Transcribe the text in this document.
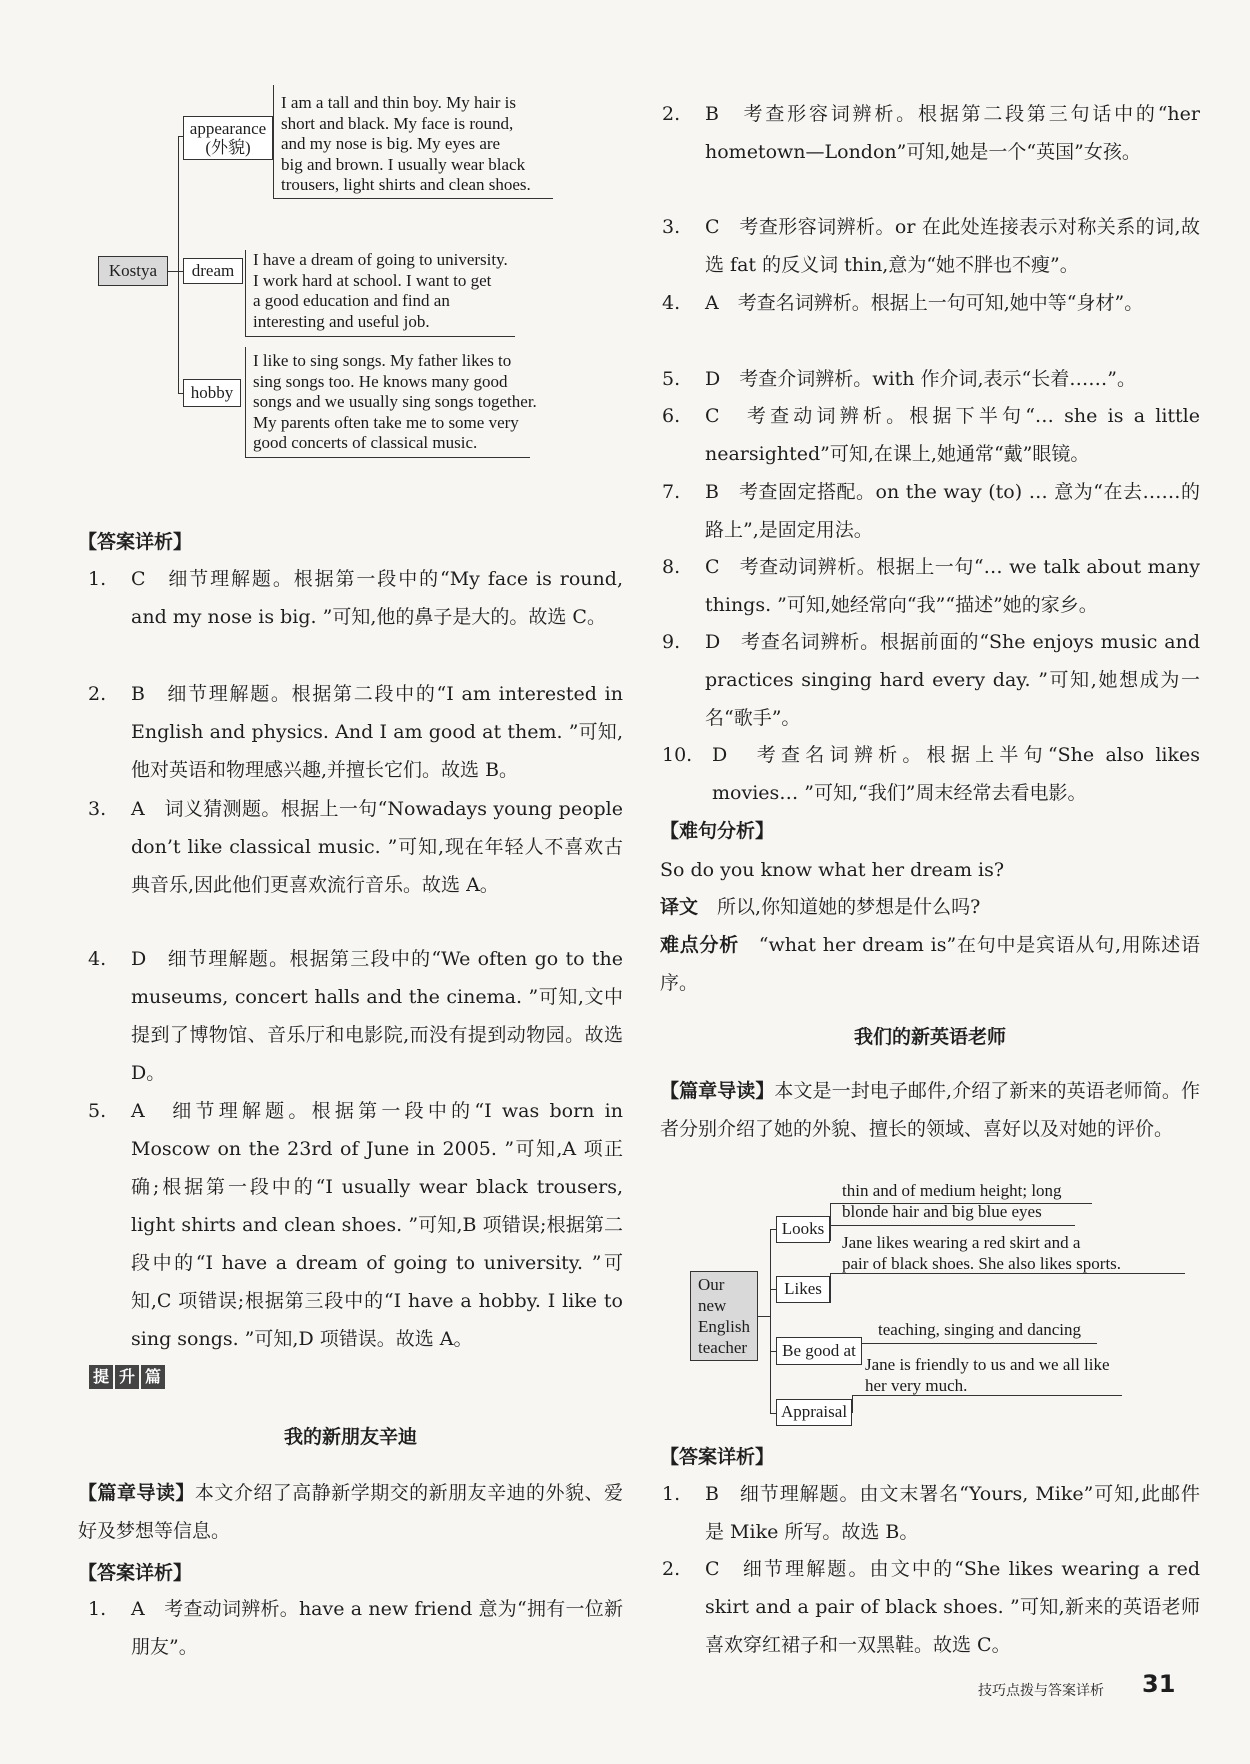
Kostya
appearance
(外貌)
I am a tall and thin boy. My hair is
short and black. My face is round,
and my nose is big. My eyes are
big and brown. I usually wear black
trousers, light shirts and clean shoes.
dream
I have a dream of going to university.
I work hard at school. I want to get
a good education and find an
interesting and useful job.
hobby
I like to sing songs. My father likes to
sing songs too. He knows many good
songs and we usually sing songs together.
My parents often take me to some very
good concerts of classical music.
【答案详析】
1.	C　细节理解题。根据第一段中的“My face is round, and my nose is big. ”可知,他的鼻子是大的。故选 C。
2.	B　细节理解题。根据第二段中的“I am interested in English and physics. And I am good at them. ”可知,他对英语和物理感兴趣,并擅长它们。故选 B。
3.	A　词义猜测题。根据上一句“Nowadays young people don’t like classical music. ”可知,现在年轻人不喜欢古典音乐,因此他们更喜欢流行音乐。故选 A。
4.	D　细节理解题。根据第三段中的“We often go to the museums, concert halls and the cinema. ”可知,文中提到了博物馆、音乐厅和电影院,而没有提到动物园。故选 D。
5.	A　细节理解题。根据第一段中的“I was born in Moscow on the 23rd of June in 2005. ”可知,A 项正确;根据第一段中的“I usually wear black trousers, light shirts and clean shoes. ”可知,B 项错误;根据第二段中的“I have a dream of going to university. ”可知,C 项错误;根据第三段中的“I have a hobby. I like to sing songs. ”可知,D 项错误。故选 A。
提 升 篇
我的新朋友辛迪
【篇章导读】本文介绍了高静新学期交的新朋友辛迪的外貌、爱好及梦想等信息。
【答案详析】
1.	A　考查动词辨析。have a new friend 意为“拥有一位新朋友”。
2.	B　考查形容词辨析。根据第二段第三句话中的“her hometown—London”可知,她是一个“英国”女孩。
3.	C　考查形容词辨析。or 在此处连接表示对称关系的词,故选 fat 的反义词 thin,意为“她不胖也不瘦”。
4.	A　考查名词辨析。根据上一句可知,她中等“身材”。
5.	D　考查介词辨析。with 作介词,表示“长着……”。
6.	C　考查动词辨析。根据下半句“… she is a little nearsighted”可知,在课上,她通常“戴”眼镜。
7.	B　考查固定搭配。on the way (to) … 意为“在去……的路上”,是固定用法。
8.	C　考查动词辨析。根据上一句“… we talk about many things. ”可知,她经常向“我”“描述”她的家乡。
9.	D　考查名词辨析。根据前面的“She enjoys music and practices singing hard every day. ”可知,她想成为一名“歌手”。
10.	D　考查名词辨析。根据上半句“She also likes movies… ”可知,“我们”周末经常去看电影。
【难句分析】
So do you know what her dream is?
译文　 所以,你知道她的梦想是什么吗?
难点分析　 “what her dream is”在句中是宾语从句,用陈述语序。
我们的新英语老师
【篇章导读】本文是一封电子邮件,介绍了新来的英语老师简。作者分别介绍了她的外貌、擅长的领域、喜好以及对她的评价。
Our
new
English
teacher
Looks
thin and of medium height; long
blonde hair and big blue eyes
Likes
Jane likes wearing a red skirt and a
pair of black shoes. She also likes sports.
Be good at
teaching, singing and dancing
Appraisal
Jane is friendly to us and we all like
her very much.
【答案详析】
1.	B　细节理解题。由文末署名“Yours, Mike”可知,此邮件是 Mike 所写。故选 B。
2.	C　细节理解题。由文中的“She likes wearing a red skirt and a pair of black shoes. ”可知,新来的英语老师喜欢穿红裙子和一双黑鞋。故选 C。
技巧点拨与答案详析 31
